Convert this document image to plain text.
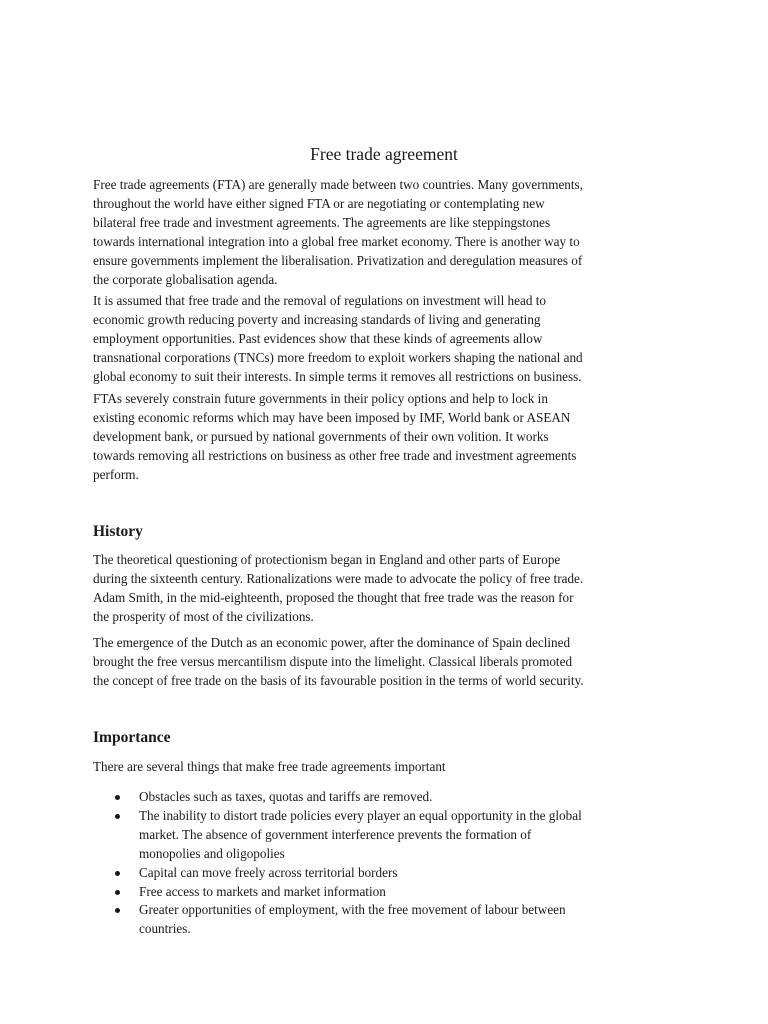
Free trade agreement

Free trade agreements (FTA) are generally made between two countries. Many governments,
throughout the world have either signed FTA or are negotiating or contemplating new
bilateral free trade and investment agreements. The agreements are like steppingstones
towards international integration into a global free market economy. There is another way to
ensure governments implement the liberalisation. Privatization and deregulation measures of
the corporate globalisation agenda.

It is assumed that free trade and the removal of regulations on investment will head to
economic growth reducing poverty and increasing standards of living and generating
employment opportunities. Past evidences show that these kinds of agreements allow
transnational corporations (TNCs) more freedom to exploit workers shaping the national and
global economy to suit their interests. In simple terms it removes all restrictions on business.

FTAs severely constrain future governments in their policy options and help to lock in
existing economic reforms which may have been imposed by IMF, World bank or ASEAN
development bank, or pursued by national governments of their own volition. It works
towards removing all restrictions on business as other free trade and investment agreements
perform.

History

The theoretical questioning of protectionism began in England and other parts of Europe
during the sixteenth century. Rationalizations were made to advocate the policy of free trade.
Adam Smith, in the mid-eighteenth, proposed the thought that free trade was the reason for
the prosperity of most of the civilizations.

The emergence of the Dutch as an economic power, after the dominance of Spain declined
brought the free versus mercantilism dispute into the limelight. Classical liberals promoted
the concept of free trade on the basis of its favourable position in the terms of world security.

Importance

There are several things that make free trade agreements important

Obstacles such as taxes, quotas and tariffs are removed.
The inability to distort trade policies every player an equal opportunity in the global
market. The absence of government interference prevents the formation of
monopolies and oligopolies
Capital can move freely across territorial borders
Free access to markets and market information
Greater opportunities of employment, with the free movement of labour between
countries.
